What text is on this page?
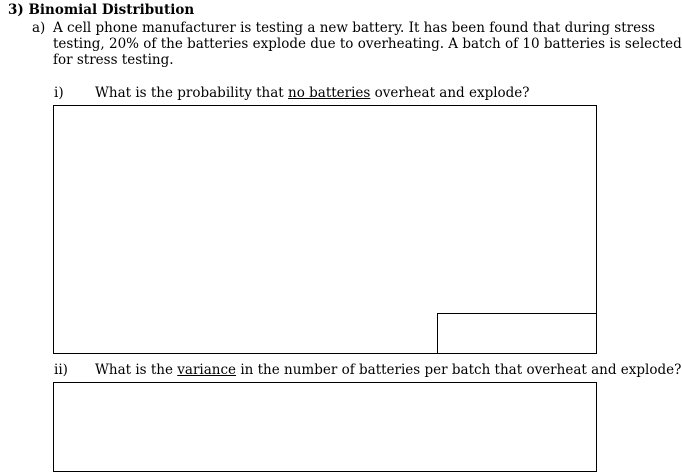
3) Binomial Distribution
a) A cell phone manufacturer is testing a new battery. It has been found that during stress
testing, 20% of the batteries explode due to overheating. A batch of 10 batteries is selected
for stress testing.
i) What is the probability that no batteries overheat and explode?
ii) What is the variance in the number of batteries per batch that overheat and explode?
